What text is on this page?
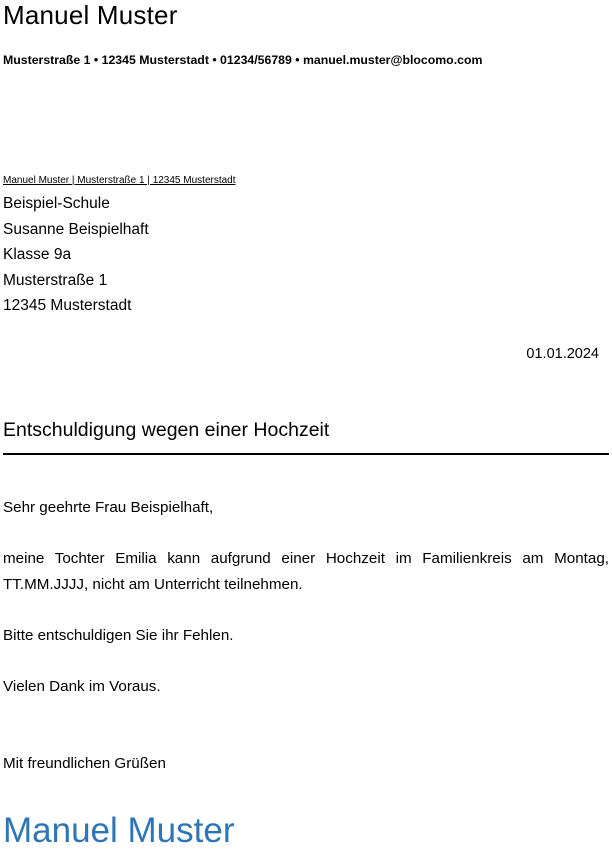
Manuel Muster
Musterstraße 1 • 12345 Musterstadt • 01234/56789 • manuel.muster@blocomo.com
Manuel Muster | Musterstraße 1 | 12345 Musterstadt
Beispiel-Schule
Susanne Beispielhaft
Klasse 9a
Musterstraße 1
12345 Musterstadt
01.01.2024
Entschuldigung wegen einer Hochzeit
Sehr geehrte Frau Beispielhaft,
meine Tochter Emilia kann aufgrund einer Hochzeit im Familienkreis am Montag, TT.MM.JJJJ, nicht am Unterricht teilnehmen.
Bitte entschuldigen Sie ihr Fehlen.
Vielen Dank im Voraus.
Mit freundlichen Grüßen
Manuel Muster
